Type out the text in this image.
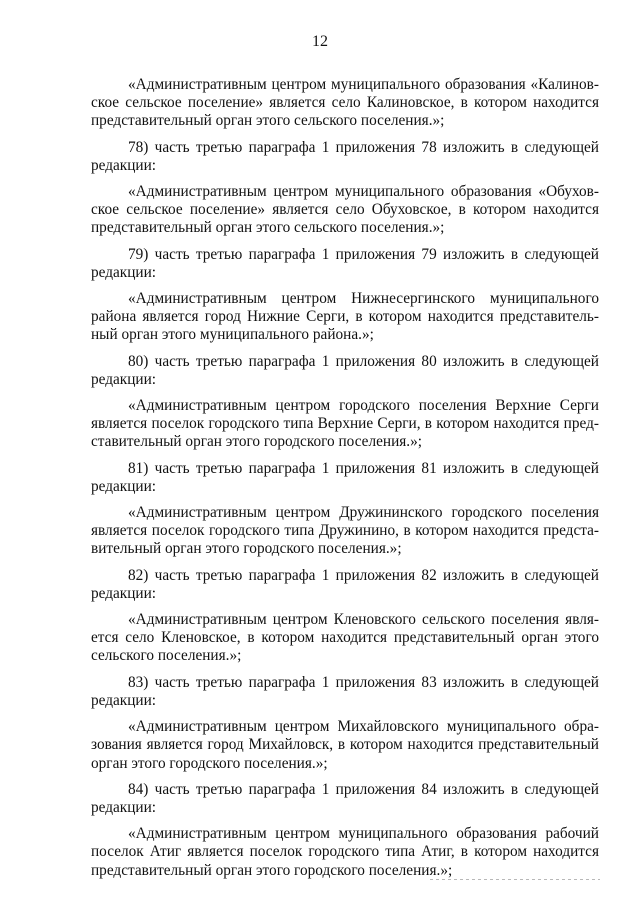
12

«Административным центром муниципального образования «Калинов-
ское сельское поселение» является село Калиновское, в котором находится
представительный орган этого сельского поселения.»;

78) часть третью параграфа 1 приложения 78 изложить в следующей
редакции:

«Административным центром муниципального образования «Обухов-
ское сельское поселение» является село Обуховское, в котором находится
представительный орган этого сельского поселения.»;

79) часть третью параграфа 1 приложения 79 изложить в следующей
редакции:

«Административным центром Нижнесергинского муниципального
района является город Нижние Серги, в котором находится представитель-
ный орган этого муниципального района.»;

80) часть третью параграфа 1 приложения 80 изложить в следующей
редакции:

«Административным центром городского поселения Верхние Серги
является поселок городского типа Верхние Серги, в котором находится пред-
ставительный орган этого городского поселения.»;

81) часть третью параграфа 1 приложения 81 изложить в следующей
редакции:

«Административным центром Дружининского городского поселения
является поселок городского типа Дружинино, в котором находится предста-
вительный орган этого городского поселения.»;

82) часть третью параграфа 1 приложения 82 изложить в следующей
редакции:

«Административным центром Кленовского сельского поселения явля-
ется село Кленовское, в котором находится представительный орган этого
сельского поселения.»;

83) часть третью параграфа 1 приложения 83 изложить в следующей
редакции:

«Административным центром Михайловского муниципального обра-
зования является город Михайловск, в котором находится представительный
орган этого городского поселения.»;

84) часть третью параграфа 1 приложения 84 изложить в следующей
редакции:

«Административным центром муниципального образования рабочий
поселок Атиг является поселок городского типа Атиг, в котором находится
представительный орган этого городского поселения.»;
